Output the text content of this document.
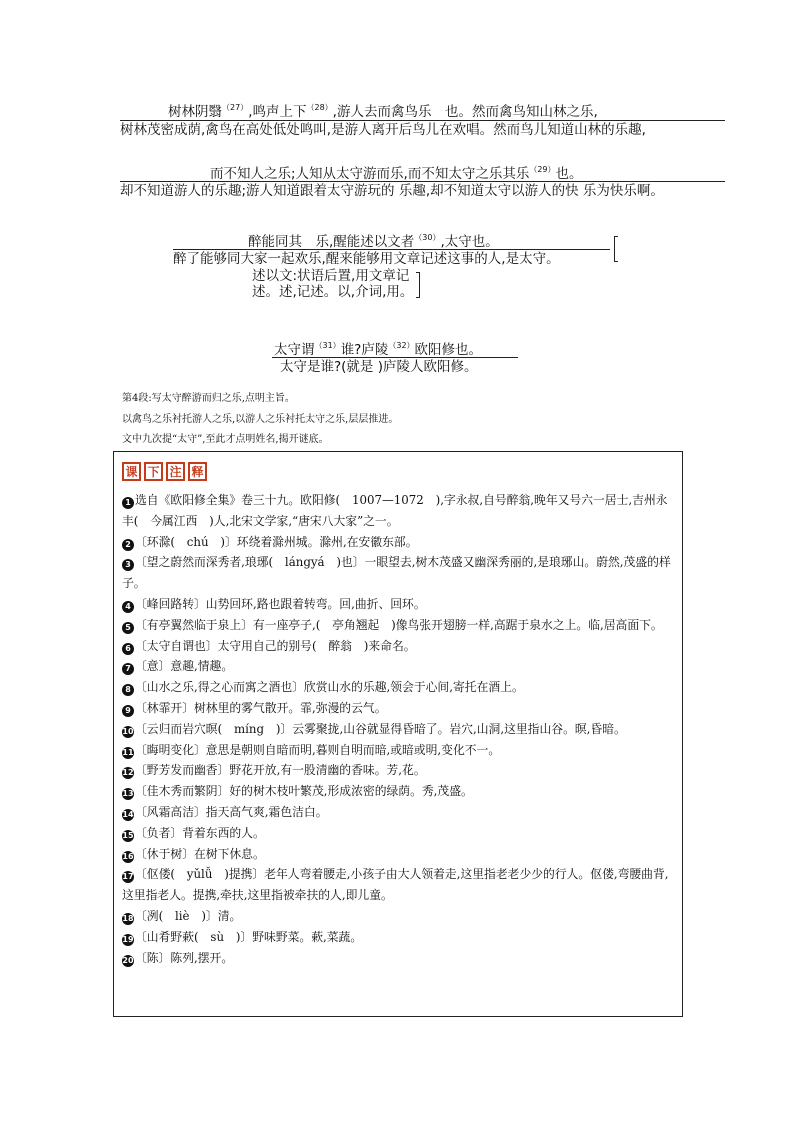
树林阴翳$^{(27)}$,鸣声上下$^{(28)}$,游人去而禽鸟乐　也。然而禽鸟知山林之乐,
树林茂密成荫,禽鸟在高处低处鸣叫,是游人离开后鸟儿在欢唱。然而鸟儿知道山林的乐趣,
而不知人之乐;人知从太守游而乐,而不知太守之乐其乐$^{(29)}$也。
却不知道游人的乐趣;游人知道跟着太守游玩的 乐趣,却不知道太守以游人的快 乐为快乐啊。
醉能同其　乐,醒能述以文者$^{(30)}$,太守也。
醉了能够同大家一起欢乐,醒来能够用文章记述这事的人,是太守。
述以文:状语后置,用文章记
述。述,记述。以,介词,用。
太守谓$^{(31)}$谁?庐陵$^{(32)}$欧阳修也。
太守是谁?(就是 )庐陵人欧阳修。
第4段:写太守醉游而归之乐,点明主旨。
以禽鸟之乐衬托游人之乐,以游人之乐衬托太守之乐,层层推进。
文中九次提“太守”,至此才点明姓名,揭开谜底。
课 下 注 释
1 选自《欧阳修全集》卷三十九。欧阳修(　1007—1072　),字永叔,自号醉翁,晚年又号六一居士,吉州永丰(　今属江西　)人,北宋文学家,“唐宋八大家”之一。
2 〔环滁(　chú　)〕环绕着滁州城。滁州,在安徽东部。
3 〔望之蔚然而深秀者,琅琊(　lángyá　)也〕一眼望去,树木茂盛又幽深秀丽的,是琅琊山。蔚然,茂盛的样子。
4 〔峰回路转〕山势回环,路也跟着转弯。回,曲折、回环。
5 〔有亭翼然临于泉上〕有一座亭子,(　亭角翘起　)像鸟张开翅膀一样,高踞于泉水之上。临,居高面下。
6 〔太守自谓也〕太守用自己的别号(　醉翁　)来命名。
7 〔意〕意趣,情趣。
8 〔山水之乐,得之心而寓之酒也〕欣赏山水的乐趣,领会于心间,寄托在酒上。
9 〔林霏开〕树林里的雾气散开。霏,弥漫的云气。
10〔云归而岩穴暝(　míng　)〕云雾聚拢,山谷就显得昏暗了。岩穴,山洞,这里指山谷。暝,昏暗。
11〔晦明变化〕意思是朝则自暗而明,暮则自明而暗,或暗或明,变化不一。
12〔野芳发而幽香〕野花开放,有一股清幽的香味。芳,花。
13〔佳木秀而繁阴〕好的树木枝叶繁茂,形成浓密的绿荫。秀,茂盛。
14〔风霜高洁〕指天高气爽,霜色洁白。
15〔负者〕背着东西的人。
16〔休于树〕在树下休息。
17〔伛偻(　yǔlǚ　)提携〕老年人弯着腰走,小孩子由大人领着走,这里指老老少少的行人。伛偻,弯腰曲背,这里指老人。提携,牵扶,这里指被牵扶的人,即儿童。
18〔冽(　liè　)〕清。
19〔山肴野蔌(　sù　)〕野味野菜。蔌,菜蔬。
20〔陈〕陈列,摆开。
